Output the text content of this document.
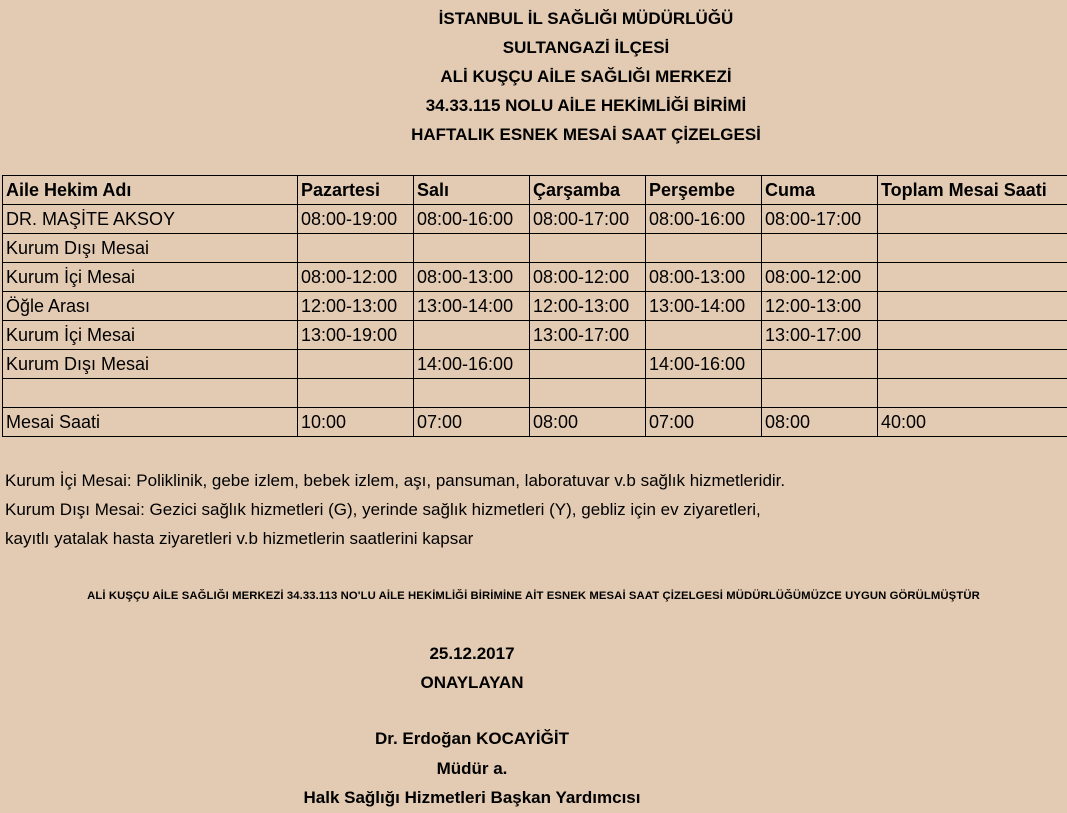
İSTANBUL İL SAĞLIĞI MÜDÜRLÜĞÜ
SULTANGAZİ İLÇESİ
ALİ KUŞÇU AİLE SAĞLIĞI MERKEZİ
34.33.115 NOLU AİLE HEKİMLİĞİ BİRİMİ
HAFTALIK ESNEK MESAİ SAAT ÇİZELGESİ
Aile Hekim Adı	Pazartesi	Salı	Çarşamba	Perşembe	Cuma	Toplam Mesai Saati
DR. MAŞİTE AKSOY	08:00-19:00	08:00-16:00	08:00-17:00	08:00-16:00	08:00-17:00	
Kurum Dışı Mesai						
Kurum İçi Mesai	08:00-12:00	08:00-13:00	08:00-12:00	08:00-13:00	08:00-12:00	
Öğle Arası	12:00-13:00	13:00-14:00	12:00-13:00	13:00-14:00	12:00-13:00	
Kurum İçi Mesai	13:00-19:00		13:00-17:00		13:00-17:00	
Kurum Dışı Mesai		14:00-16:00		14:00-16:00		

Mesai Saati	10:00	07:00	08:00	07:00	08:00	40:00
Kurum İçi Mesai: Poliklinik, gebe izlem, bebek izlem, aşı, pansuman, laboratuvar v.b sağlık hizmetleridir.
Kurum Dışı Mesai: Gezici sağlık hizmetleri (G), yerinde sağlık hizmetleri (Y), gebliz için ev ziyaretleri,
kayıtlı yatalak hasta ziyaretleri v.b hizmetlerin saatlerini kapsar
ALİ KUŞÇU AİLE SAĞLIĞI MERKEZİ 34.33.113 NO'LU AİLE HEKİMLİĞİ BİRİMİNE AİT ESNEK MESAİ SAAT ÇİZELGESİ MÜDÜRLÜĞÜMÜZCE UYGUN GÖRÜLMÜŞTÜR
25.12.2017
ONAYLAYAN
Dr. Erdoğan KOCAYİĞİT
Müdür a.
Halk Sağlığı Hizmetleri Başkan Yardımcısı
